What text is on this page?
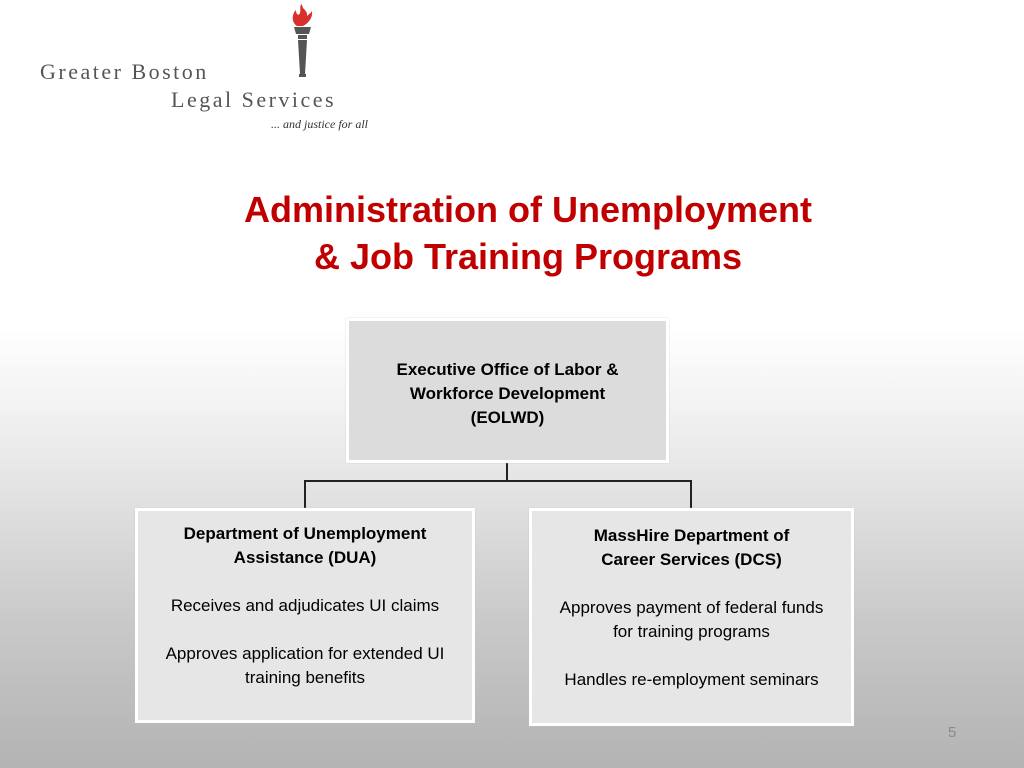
Greater Boston
Legal Services
... and justice for all
Administration of Unemployment
& Job Training Programs
Executive Office of Labor &
Workforce Development
(EOLWD)
Department of Unemployment
Assistance (DUA)
Receives and adjudicates UI claims
Approves application for extended UI
training benefits
MassHire Department of
Career Services (DCS)
Approves payment of federal funds
for training programs
Handles re-employment seminars
5
